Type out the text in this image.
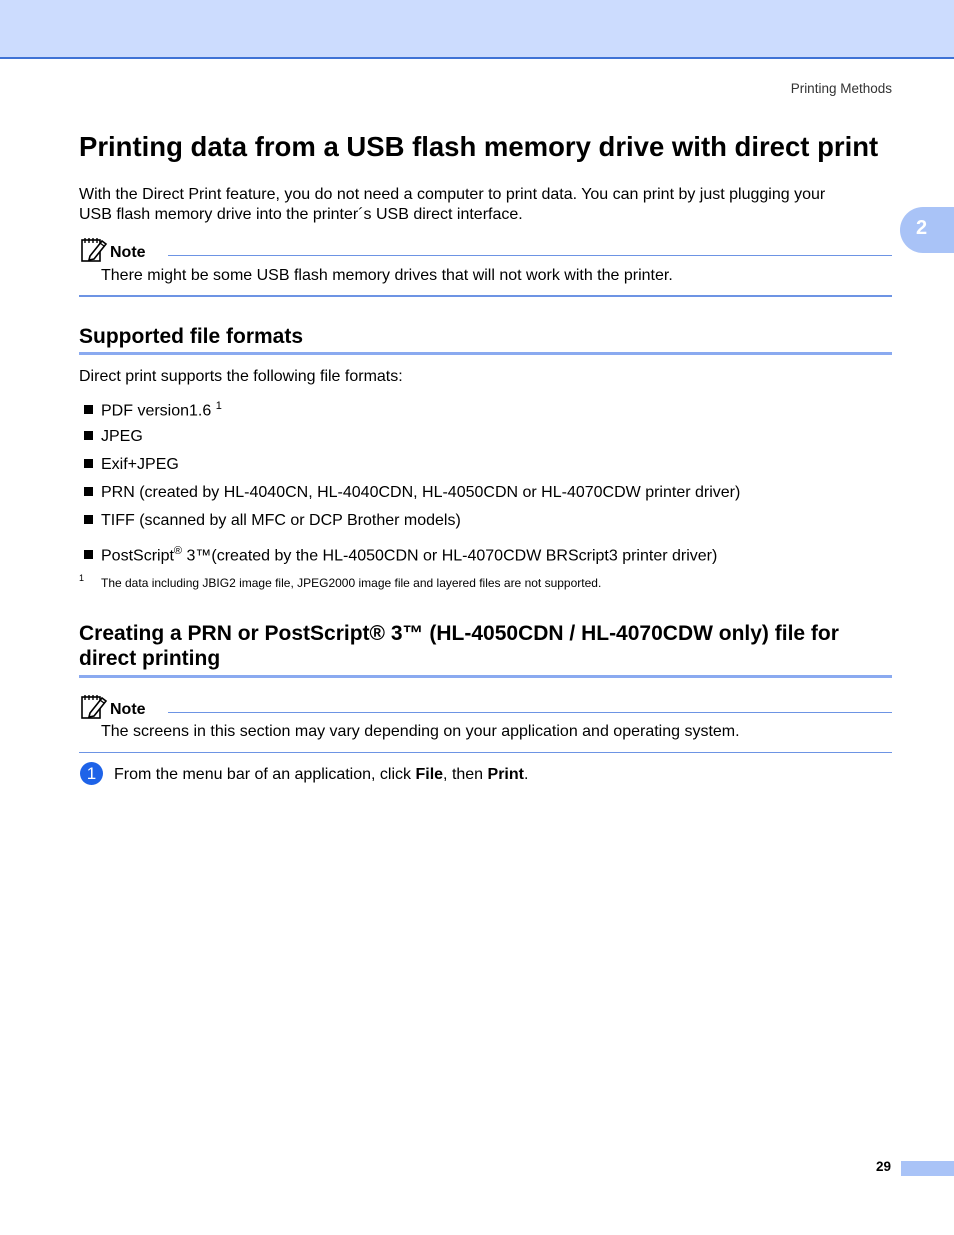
Printing Methods
2
Printing data from a USB flash memory drive with direct print
With the Direct Print feature, you do not need a computer to print data. You can print by just plugging your
USB flash memory drive into the printer´s USB direct interface.
Note
There might be some USB flash memory drives that will not work with the printer.
Supported file formats
Direct print supports the following file formats:
PDF version1.6 $^1$
JPEG
Exif+JPEG
PRN (created by HL-4040CN, HL-4040CDN, HL-4050CDN or HL-4070CDW printer driver)
TIFF (scanned by all MFC or DCP Brother models)
PostScript® 3™(created by the HL-4050CDN or HL-4070CDW BRScript3 printer driver)
1 The data including JBIG2 image file, JPEG2000 image file and layered files are not supported.
Creating a PRN or PostScript® 3™ (HL-4050CDN / HL-4070CDW only) file for
direct printing
Note
The screens in this section may vary depending on your application and operating system.
1	From the menu bar of an application, click File, then Print.
29
